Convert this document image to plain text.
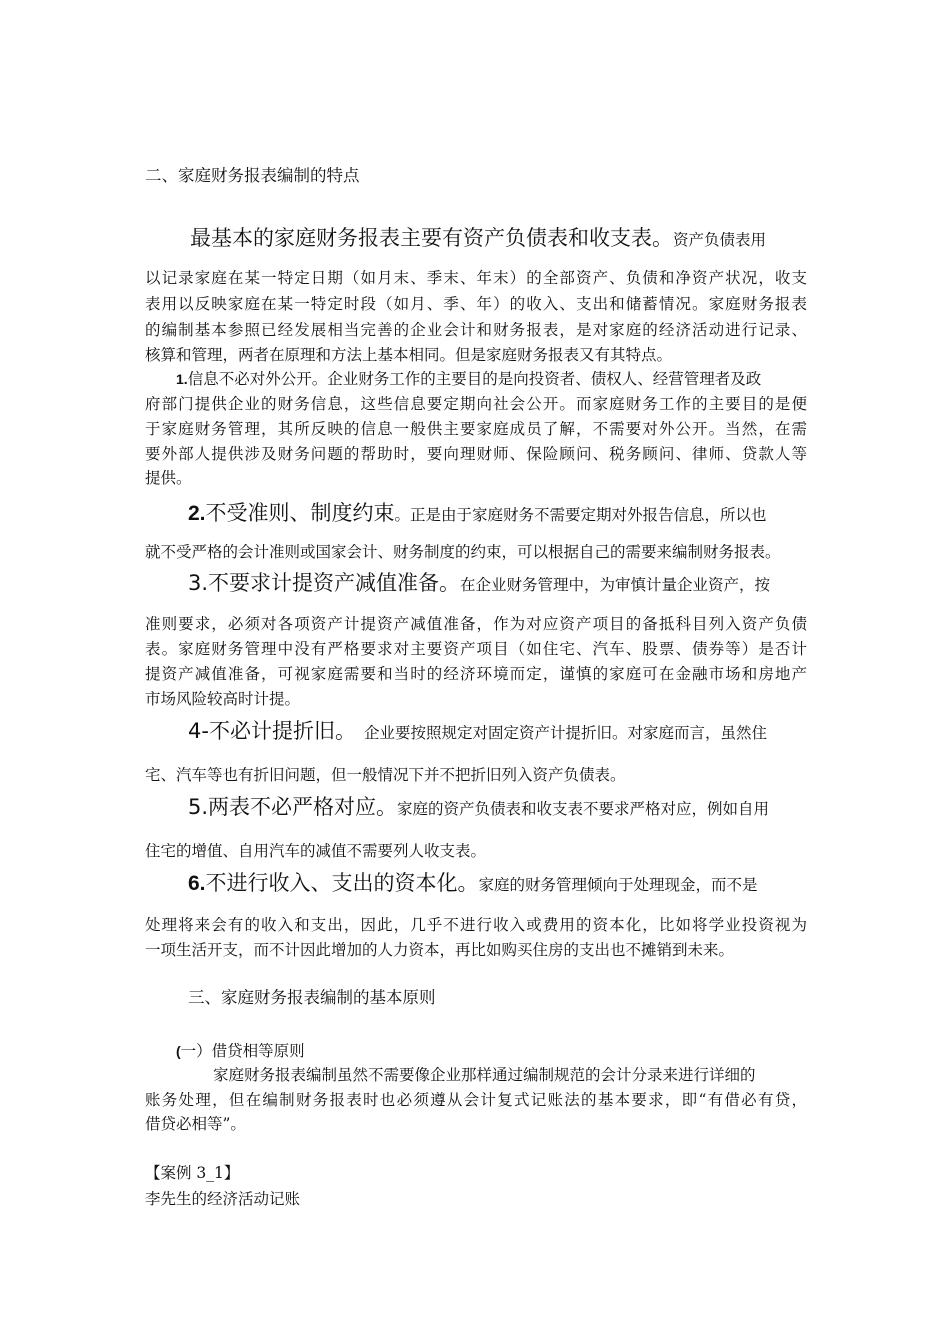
二、家庭财务报表编制的特点
最基本的家庭财务报表主要有资产负债表和收支表。资产负债表用
以记录家庭在某一特定日期（如月末、季末、年末）的全部资产、负债和净资产状况，收支
表用以反映家庭在某一特定时段（如月、季、年）的收入、支出和储蓄情况。家庭财务报表
的编制基本参照已经发展相当完善的企业会计和财务报表，是对家庭的经济活动进行记录、
核算和管理，两者在原理和方法上基本相同。但是家庭财务报表又有其特点。
1.信息不必对外公开。企业财务工作的主要目的是向投资者、债权人、经营管理者及政
府部门提供企业的财务信息，这些信息要定期向社会公开。而家庭财务工作的主要目的是便
于家庭财务管理，其所反映的信息一般供主要家庭成员了解，不需要对外公开。当然，在需
要外部人提供涉及财务问题的帮助时，要向理财师、保险顾问、税务顾问、律师、贷款人等
提供。
2.不受准则、制度约束。正是由于家庭财务不需要定期对外报告信息，所以也
就不受严格的会计准则或国家会计、财务制度的约束，可以根据自己的需要来编制财务报表。
3.不要求计提资产减值准备。在企业财务管理中，为审慎计量企业资产，按
准则要求，必须对各项资产计提资产减值准备，作为对应资产项目的备抵科目列入资产负债
表。家庭财务管理中没有严格要求对主要资产项目（如住宅、汽车、股票、债券等）是否计
提资产减值准备，可视家庭需要和当时的经济环境而定，谨慎的家庭可在金融市场和房地产
市场风险较高时计提。
4-不必计提折旧。 企业要按照规定对固定资产计提折旧。对家庭而言，虽然住
宅、汽车等也有折旧问题，但一般情况下并不把折旧列入资产负债表。
5.两表不必严格对应。家庭的资产负债表和收支表不要求严格对应，例如自用
住宅的增值、自用汽车的减值不需要列人收支表。
6.不进行收入、支出的资本化。家庭的财务管理倾向于处理现金，而不是
处理将来会有的收入和支出，因此，几乎不进行收入或费用的资本化，比如将学业投资视为
一项生活开支，而不计因此增加的人力资本，再比如购买住房的支出也不摊销到未来。
三、家庭财务报表编制的基本原则
(一）借贷相等原则
家庭财务报表编制虽然不需要像企业那样通过编制规范的会计分录来进行详细的
账务处理，但在编制财务报表时也必须遵从会计复式记账法的基本要求，即“有借必有贷，
借贷必相等”。
【案例 3_1】
李先生的经济活动记账
